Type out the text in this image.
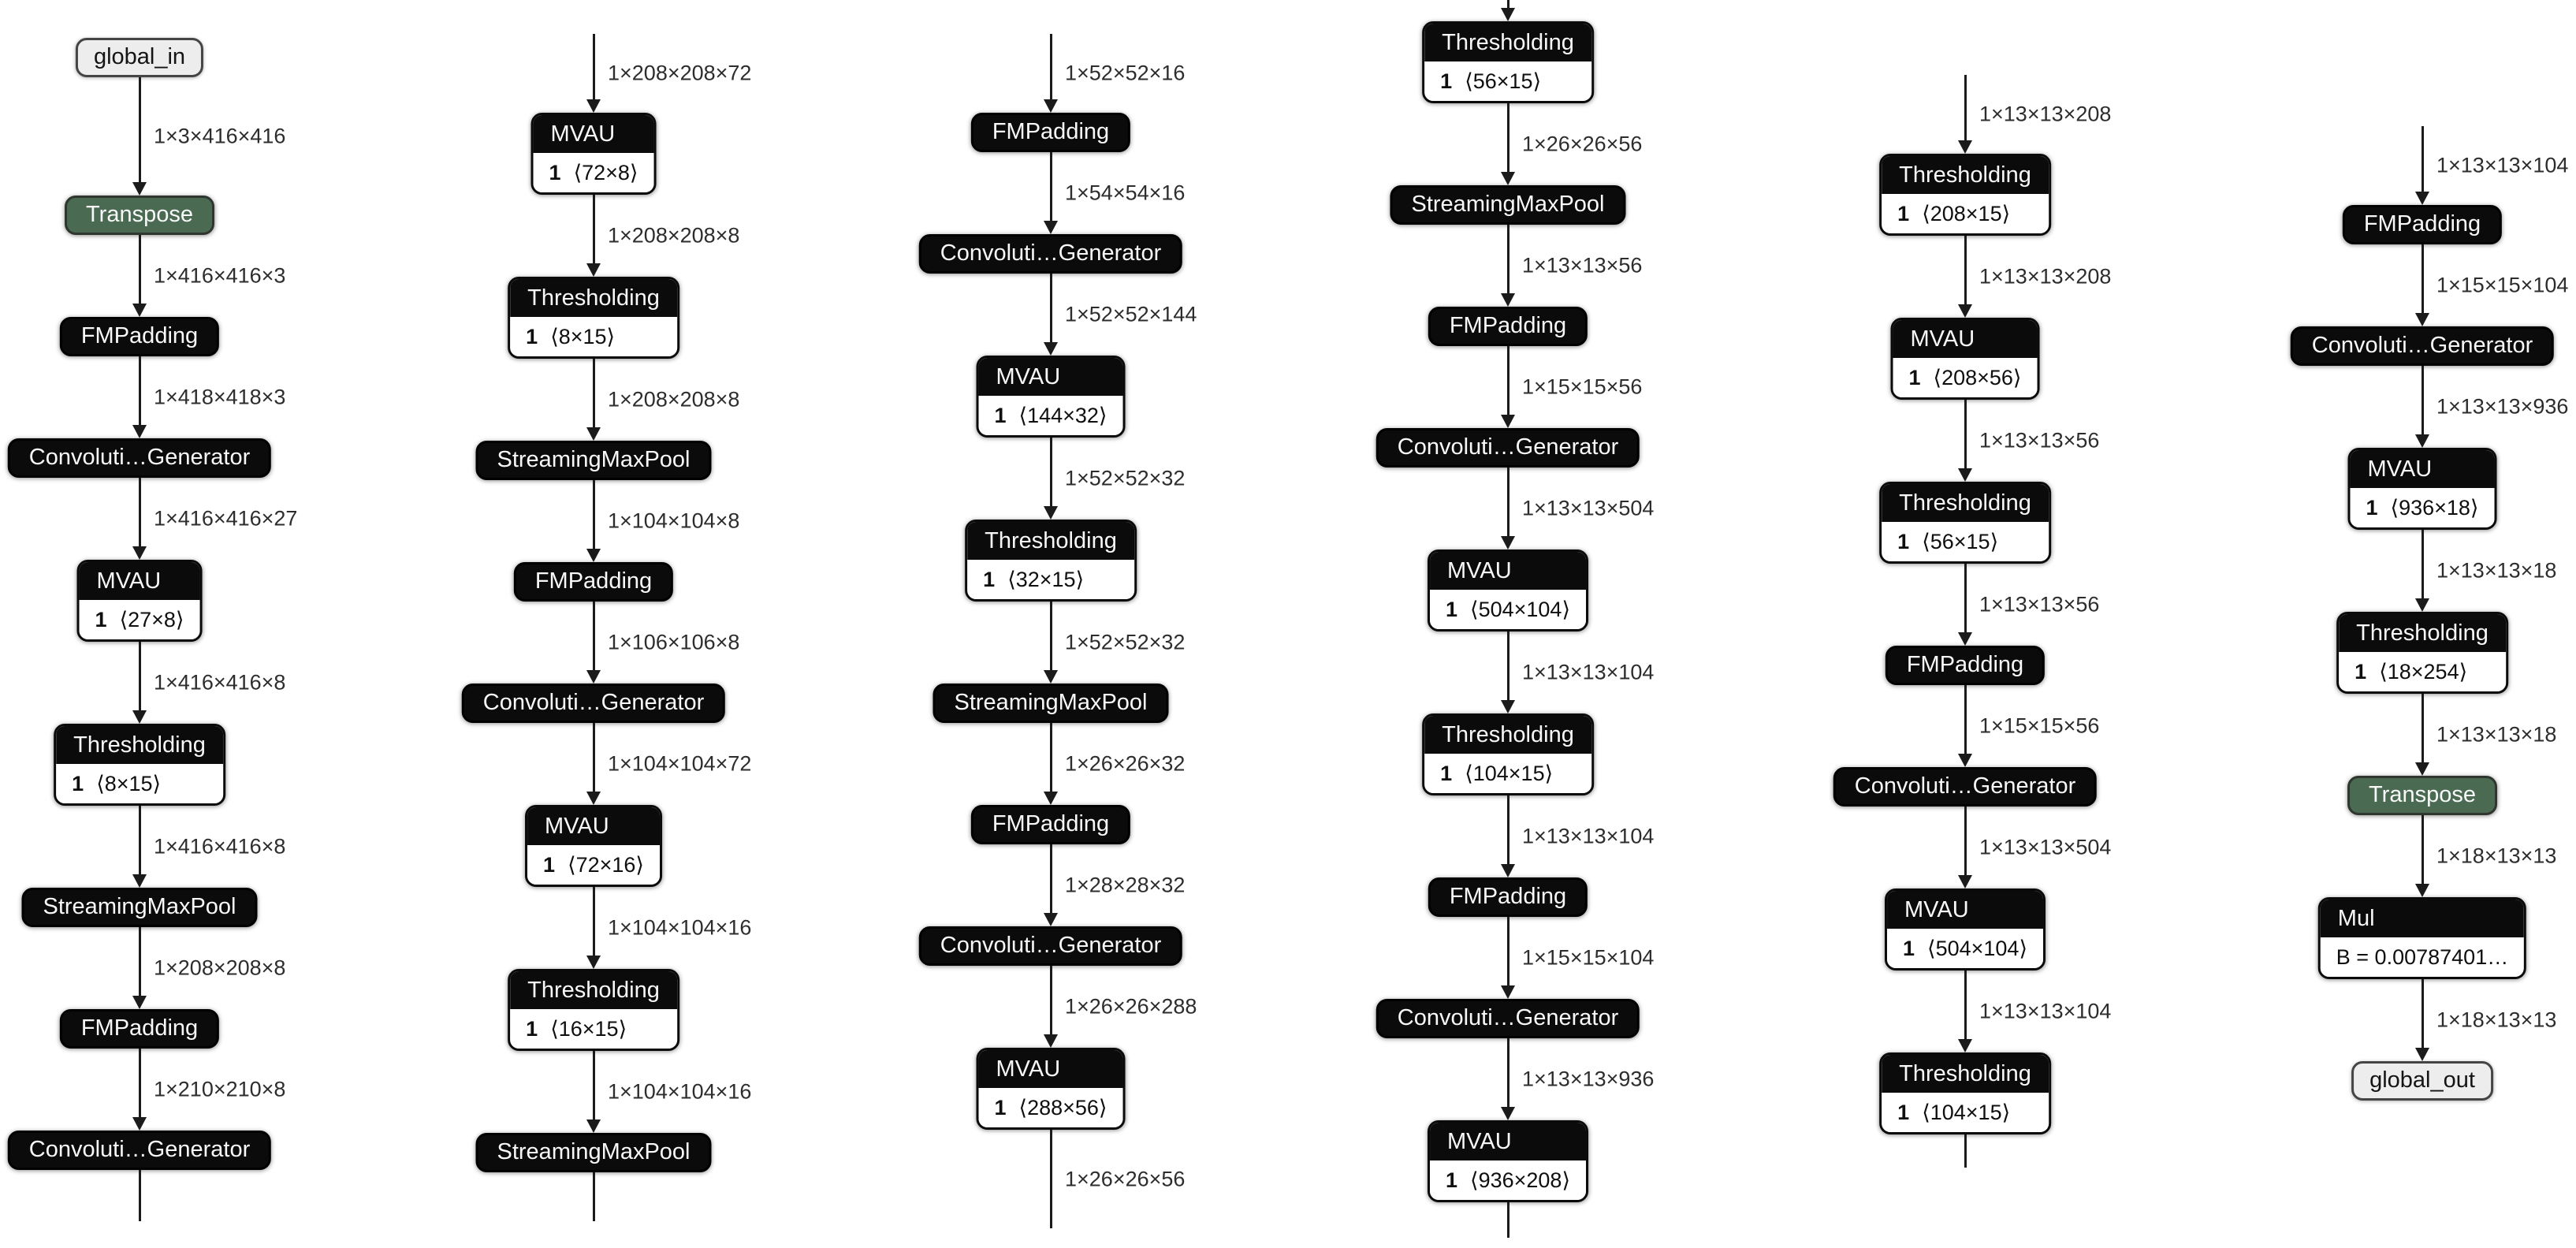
global_in
1×3×416×416
Transpose
1×416×416×3
FMPadding
1×418×418×3
Convoluti…Generator
1×416×416×27
MVAU
1 ⟨27×8⟩
1×416×416×8
Thresholding
1 ⟨8×15⟩
1×416×416×8
StreamingMaxPool
1×208×208×8
FMPadding
1×210×210×8
Convoluti…Generator
1×208×208×72
MVAU
1 ⟨72×8⟩
1×208×208×8
Thresholding
1 ⟨8×15⟩
1×208×208×8
StreamingMaxPool
1×104×104×8
FMPadding
1×106×106×8
Convoluti…Generator
1×104×104×72
MVAU
1 ⟨72×16⟩
1×104×104×16
Thresholding
1 ⟨16×15⟩
1×104×104×16
StreamingMaxPool
1×52×52×16
FMPadding
1×54×54×16
Convoluti…Generator
1×52×52×144
MVAU
1 ⟨144×32⟩
1×52×52×32
Thresholding
1 ⟨32×15⟩
1×52×52×32
StreamingMaxPool
1×26×26×32
FMPadding
1×28×28×32
Convoluti…Generator
1×26×26×288
MVAU
1 ⟨288×56⟩
1×26×26×56
Thresholding
1 ⟨56×15⟩
1×26×26×56
StreamingMaxPool
1×13×13×56
FMPadding
1×15×15×56
Convoluti…Generator
1×13×13×504
MVAU
1 ⟨504×104⟩
1×13×13×104
Thresholding
1 ⟨104×15⟩
1×13×13×104
FMPadding
1×15×15×104
Convoluti…Generator
1×13×13×936
MVAU
1 ⟨936×208⟩
1×13×13×208
Thresholding
1 ⟨208×15⟩
1×13×13×208
MVAU
1 ⟨208×56⟩
1×13×13×56
Thresholding
1 ⟨56×15⟩
1×13×13×56
FMPadding
1×15×15×56
Convoluti…Generator
1×13×13×504
MVAU
1 ⟨504×104⟩
1×13×13×104
Thresholding
1 ⟨104×15⟩
1×13×13×104
FMPadding
1×15×15×104
Convoluti…Generator
1×13×13×936
MVAU
1 ⟨936×18⟩
1×13×13×18
Thresholding
1 ⟨18×254⟩
1×13×13×18
Transpose
1×18×13×13
Mul
B = 0.00787401…
1×18×13×13
global_out
